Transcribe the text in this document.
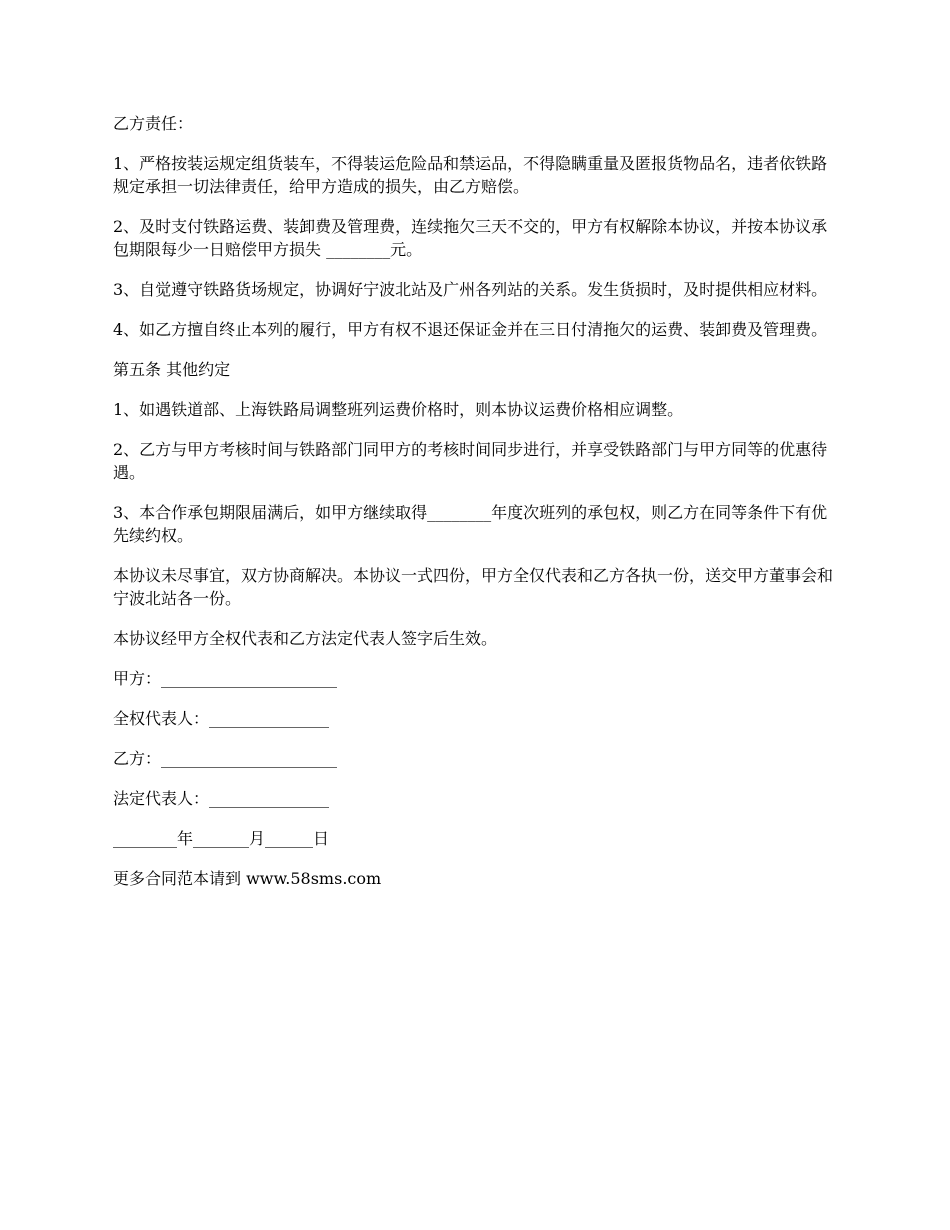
乙方责任：

1、严格按装运规定组货装车，不得装运危险品和禁运品，不得隐瞒重量及匿报货物品名，违者依铁路规定承担一切法律责任，给甲方造成的损失，由乙方赔偿。

2、及时支付铁路运费、装卸费及管理费，连续拖欠三天不交的，甲方有权解除本协议，并按本协议承包期限每少一日赔偿甲方损失 ________元。

3、自觉遵守铁路货场规定，协调好宁波北站及广州各列站的关系。发生货损时，及时提供相应材料。

4、如乙方擅自终止本列的履行，甲方有权不退还保证金并在三日付清拖欠的运费、装卸费及管理费。

第五条 其他约定

1、如遇铁道部、上海铁路局调整班列运费价格时，则本协议运费价格相应调整。

2、乙方与甲方考核时间与铁路部门同甲方的考核时间同步进行，并享受铁路部门与甲方同等的优惠待遇。

3、本合作承包期限届满后，如甲方继续取得________年度次班列的承包权，则乙方在同等条件下有优先续约权。

本协议未尽事宜，双方协商解决。本协议一式四份，甲方全仅代表和乙方各执一份，送交甲方董事会和宁波北站各一份。

本协议经甲方全权代表和乙方法定代表人签字后生效。

甲方：______________________

全权代表人：_______________

乙方：______________________

法定代表人：_______________

________年_______月______日

更多合同范本请到 www.58sms.com
